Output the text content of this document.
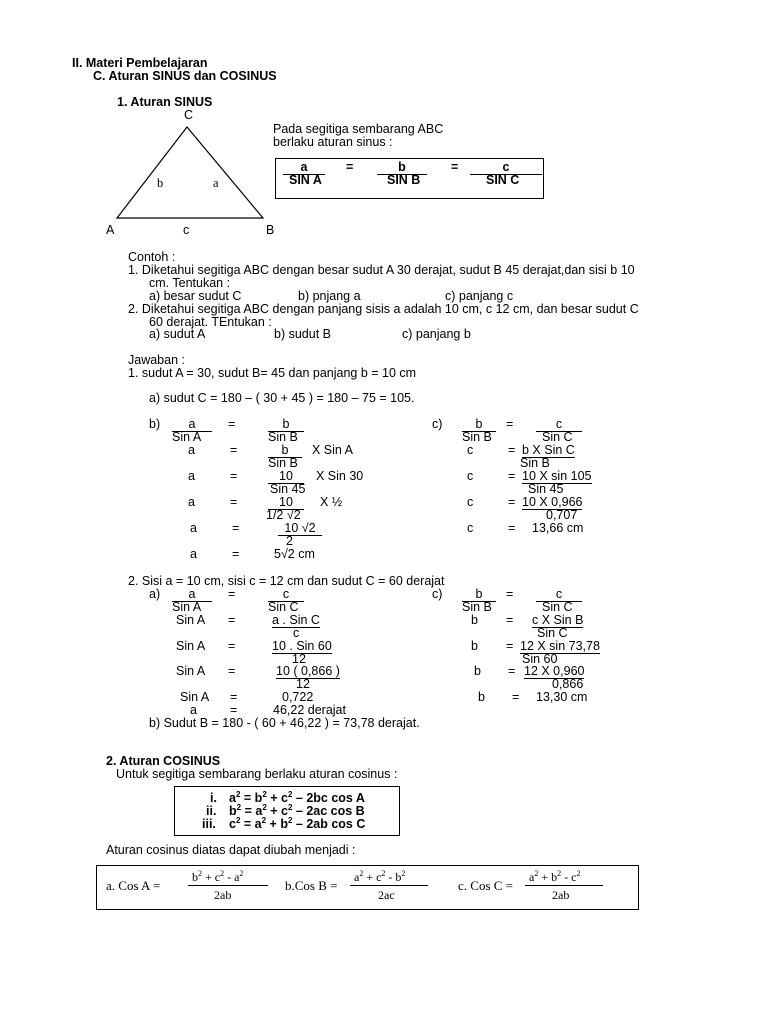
II. Materi Pembelajaran
C. Aturan SINUS dan COSINUS
1. Aturan SINUS
C
b	a
A	c	B
Pada segitiga sembarang ABC
berlaku aturan sinus :
a	=	b	=	c
SIN A	SIN B	SIN C
Contoh :
1. Diketahui segitiga ABC dengan besar sudut A 30 derajat, sudut B 45 derajat,dan sisi b 10
cm. Tentukan :
a) besar sudut C	b) pnjang a	c) panjang c
2. Diketahui segitiga ABC dengan panjang sisis a adalah 10 cm, c 12 cm, dan besar sudut C
60 derajat. TEntukan :
a) sudut A	b) sudut B	c) panjang b
Jawaban :
1. sudut A = 30, sudut B= 45 dan panjang b = 10 cm
a) sudut C = 180 – ( 30 + 45 ) = 180 – 75 = 105.
b)	a	=	b
Sin A	Sin B
a	=	b	X Sin A
Sin B
a	=	10	X Sin 30
Sin 45
a	=	10	X ½
1/2 √2
a	=	10 √2
2
a	=	5√2 cm
c)	b	=	c
Sin B	Sin C
c	= b X Sin C
Sin B
c	= 10 X sin 105
Sin 45
c	= 10 X 0,966
0,707
c	= 13,66 cm
2. Sisi a = 10 cm, sisi c = 12 cm dan sudut C = 60 derajat
a)	a	=	c
Sin A	Sin C
Sin A =	a . Sin C
c
Sin A =	10 . Sin 60
12
Sin A =	10 ( 0,866 )
12
Sin A =	0,722
a	=	46,22 derajat
c)	b	=	c
Sin B	Sin C
b = c X Sin B
Sin C
b = 12 X sin 73,78
Sin 60
b = 12 X 0,960
0,866
b = 13,30 cm
b) Sudut B = 180 - ( 60 + 46,22 ) = 73,78 derajat.
2. Aturan COSINUS
Untuk segitiga sembarang berlaku aturan cosinus :
i. $a^2 = b^2 + c^2 - 2bc$ cos A
ii. $b^2 = a^2 + c^2 - 2ac$ cos B
iii. $c^2 = a^2 + b^2 - 2ab$ cos C
Aturan cosinus diatas dapat diubah menjadi :
a. Cos A =
$b^2 + c^2 - a^2$
2ab
b.Cos B =
$a^2 + c^2 - b^2$
2ac
c. Cos C =
$a^2 + b^2 - c^2$
2ab
